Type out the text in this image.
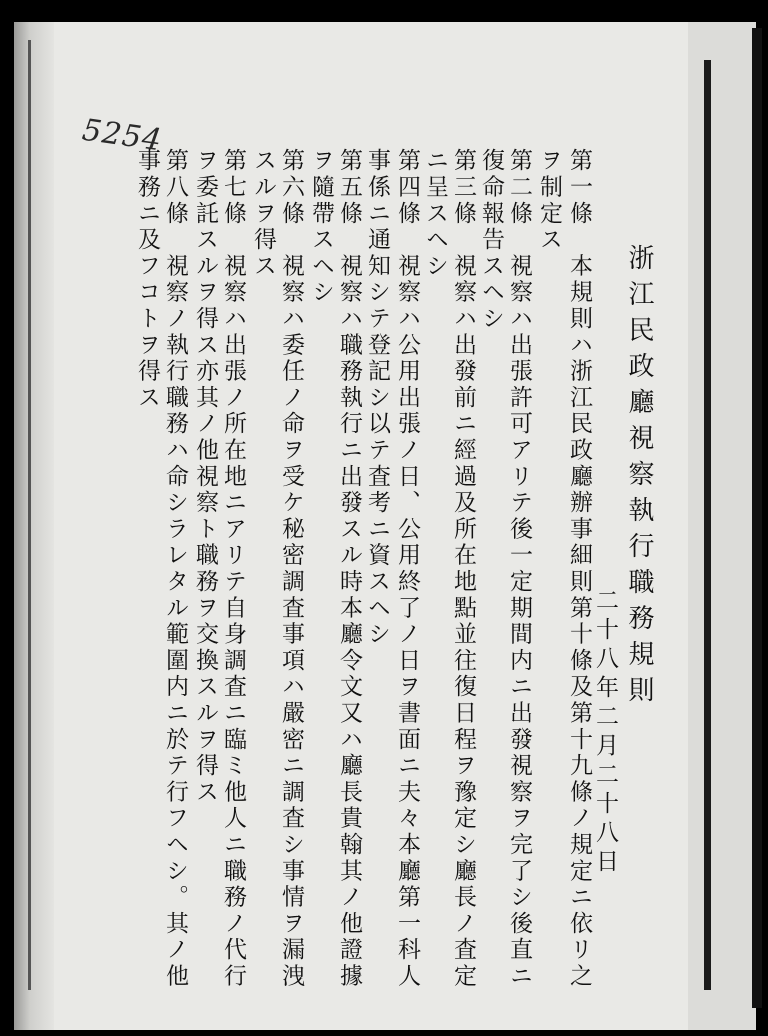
5254
浙江民政廳視察執行職務規則
二十八年二月二十八日
第一條　本規則ハ浙江民政廳辦事細則第十條及第十九條ノ規定ニ依リ之
ヲ制定ス
第二條　視察ハ出張許可アリテ後一定期間内ニ出發視察ヲ完了シ後直ニ
復命報告スヘシ
第三條　視察ハ出發前ニ經過及所在地點並往復日程ヲ豫定シ廳長ノ査定
ニ呈スヘシ
第四條　視察ハ公用出張ノ日、公用終了ノ日ヲ書面ニ夫々本廳第一科人
事係ニ通知シテ登記シ以テ査考ニ資スヘシ
第五條　視察ハ職務執行ニ出發スル時本廳令文又ハ廳長貴翰其ノ他證據
ヲ隨帶スヘシ
第六條　視察ハ委任ノ命ヲ受ケ秘密調査事項ハ嚴密ニ調査シ事情ヲ漏洩
スルヲ得ス
第七條　視察ハ出張ノ所在地ニアリテ自身調査ニ臨ミ他人ニ職務ノ代行
ヲ委託スルヲ得ス亦其ノ他視察ト職務ヲ交換スルヲ得ス
第八條　視察ノ執行職務ハ命シラレタル範圍内ニ於テ行フヘシ。其ノ他
事務ニ及フコトヲ得ス
